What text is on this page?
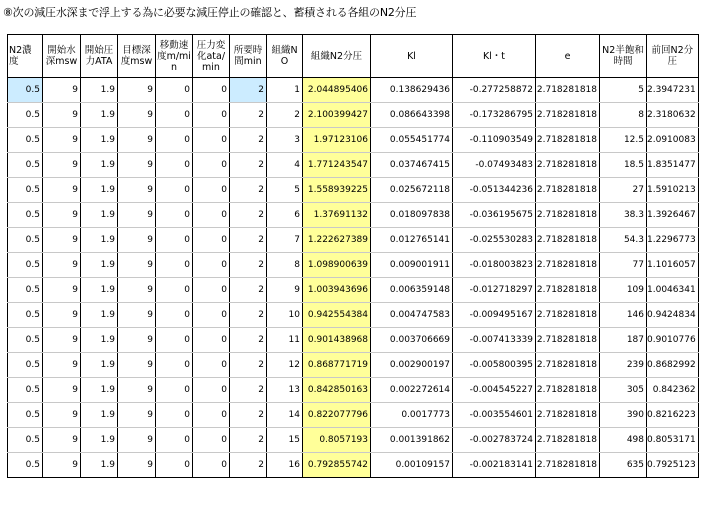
⑧次の減圧水深まで浮上する為に必要な減圧停止の確認と、蓄積される各組のN2分圧
N2濃度	開始水深msw	開始圧力ATA	目標深度msw	移動速度m/min	圧力変化ata/min	所要時間min	組織NO	組織N2分圧	Kl	Kl・t	e	N2半飽和時間	前回N2分圧
0.5	9	1.9	9	0	0	2	1	2.044895406	0.138629436	-0.277258872	2.718281818	5	2.3947231
0.5	9	1.9	9	0	0	2	2	2.100399427	0.086643398	-0.173286795	2.718281818	8	2.3180632
0.5	9	1.9	9	0	0	2	3	1.97123106	0.055451774	-0.110903549	2.718281818	12.5	2.0910083
0.5	9	1.9	9	0	0	2	4	1.771243547	0.037467415	-0.07493483	2.718281818	18.5	1.8351477
0.5	9	1.9	9	0	0	2	5	1.558939225	0.025672118	-0.051344236	2.718281818	27	1.5910213
0.5	9	1.9	9	0	0	2	6	1.37691132	0.018097838	-0.036195675	2.718281818	38.3	1.3926467
0.5	9	1.9	9	0	0	2	7	1.222627389	0.012765141	-0.025530283	2.718281818	54.3	1.2296773
0.5	9	1.9	9	0	0	2	8	1.098900639	0.009001911	-0.018003823	2.718281818	77	1.1016057
0.5	9	1.9	9	0	0	2	9	1.003943696	0.006359148	-0.012718297	2.718281818	109	1.0046341
0.5	9	1.9	9	0	0	2	10	0.942554384	0.004747583	-0.009495167	2.718281818	146	0.9424834
0.5	9	1.9	9	0	0	2	11	0.901438968	0.003706669	-0.007413339	2.718281818	187	0.9010776
0.5	9	1.9	9	0	0	2	12	0.868771719	0.002900197	-0.005800395	2.718281818	239	0.8682992
0.5	9	1.9	9	0	0	2	13	0.842850163	0.002272614	-0.004545227	2.718281818	305	0.842362
0.5	9	1.9	9	0	0	2	14	0.822077796	0.0017773	-0.003554601	2.718281818	390	0.8216223
0.5	9	1.9	9	0	0	2	15	0.8057193	0.001391862	-0.002783724	2.718281818	498	0.8053171
0.5	9	1.9	9	0	0	2	16	0.792855742	0.00109157	-0.002183141	2.718281818	635	0.7925123
